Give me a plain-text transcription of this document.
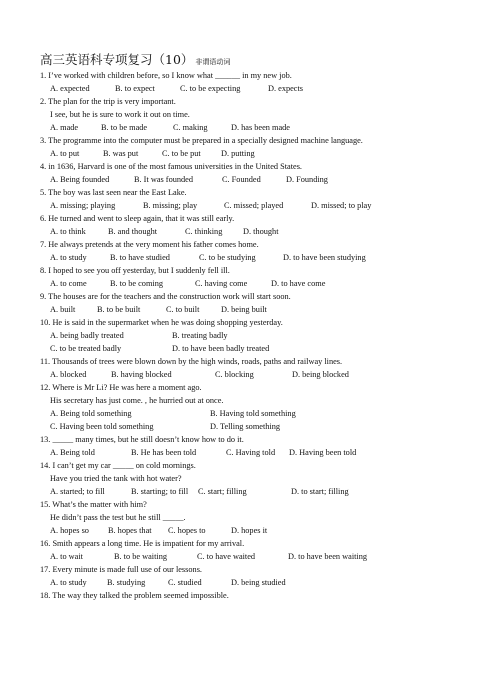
高三英语科专项复习（10） 非谓语动词
1. I’ve worked with children before, so I know what ______ in my new job.
A. expected	B. to expect	C. to be expecting	D. expects
2. The plan for the trip is very important.
I see, but he is sure to work it out on time.
A. made	B. to be made	C. making	D. has been made
3. The programme into the computer must be prepared in a specially designed machine language.
A. to put	B. was put	C. to be put D. putting
4. in 1636, Harvard is one of the most famous universities in the United States.
A. Being founded	B. It was founded	C. Founded	D. Founding
5. The boy was last seen near the East Lake.
A. missing; playing	B. missing; play	C. missed; played	D. missed; to play
6. He turned and went to sleep again, that it was still early.
A. to think	B. and thought	C. thinking D. thought
7. He always pretends at the very moment his father comes home.
A. to study	B. to have studied	C. to be studying	D. to have been studying
8. I hoped to see you off yesterday, but I suddenly fell ill.
A. to come	B. to be coming	C. having come	D. to have come
9. The houses are for the teachers and the construction work will start soon.
A. built	B. to be built	C. to built	D. being built
10. He is said in the supermarket when he was doing shopping yesterday.
A. being badly treated	B. treating badly
C. to be treated badly	D. to have been badly treated
11. Thousands of trees were blown down by the high winds, roads, paths and railway lines.
A. blocked	B. having blocked	C. blocking	D. being blocked
12. Where is Mr Li? He was here a moment ago.
His secretary has just come. , he hurried out at once.
A. Being told something	B. Having told something
C. Having been told something	D. Telling something
13. _____ many times, but he still doesn’t know how to do it.
A. Being told	B. He has been told	C. Having told D. Having been told
14. I can’t get my car _____ on cold mornings.
Have you tried the tank with hot water?
A. started; to fill	B. starting; to fill C. start; filling	D. to start; filling
15. What’s the matter with him?
He didn’t pass the test but he still _____.
A. hopes so B. hopes that C. hopes to	D. hopes it
16. Smith appears a long time. He is impatient for my arrival.
A. to wait	B. to be waiting	C. to have waited	D. to have been waiting
17. Every minute is made full use of our lessons.
A. to study B. studying	C. studied	D. being studied
18. The way they talked the problem seemed impossible.
